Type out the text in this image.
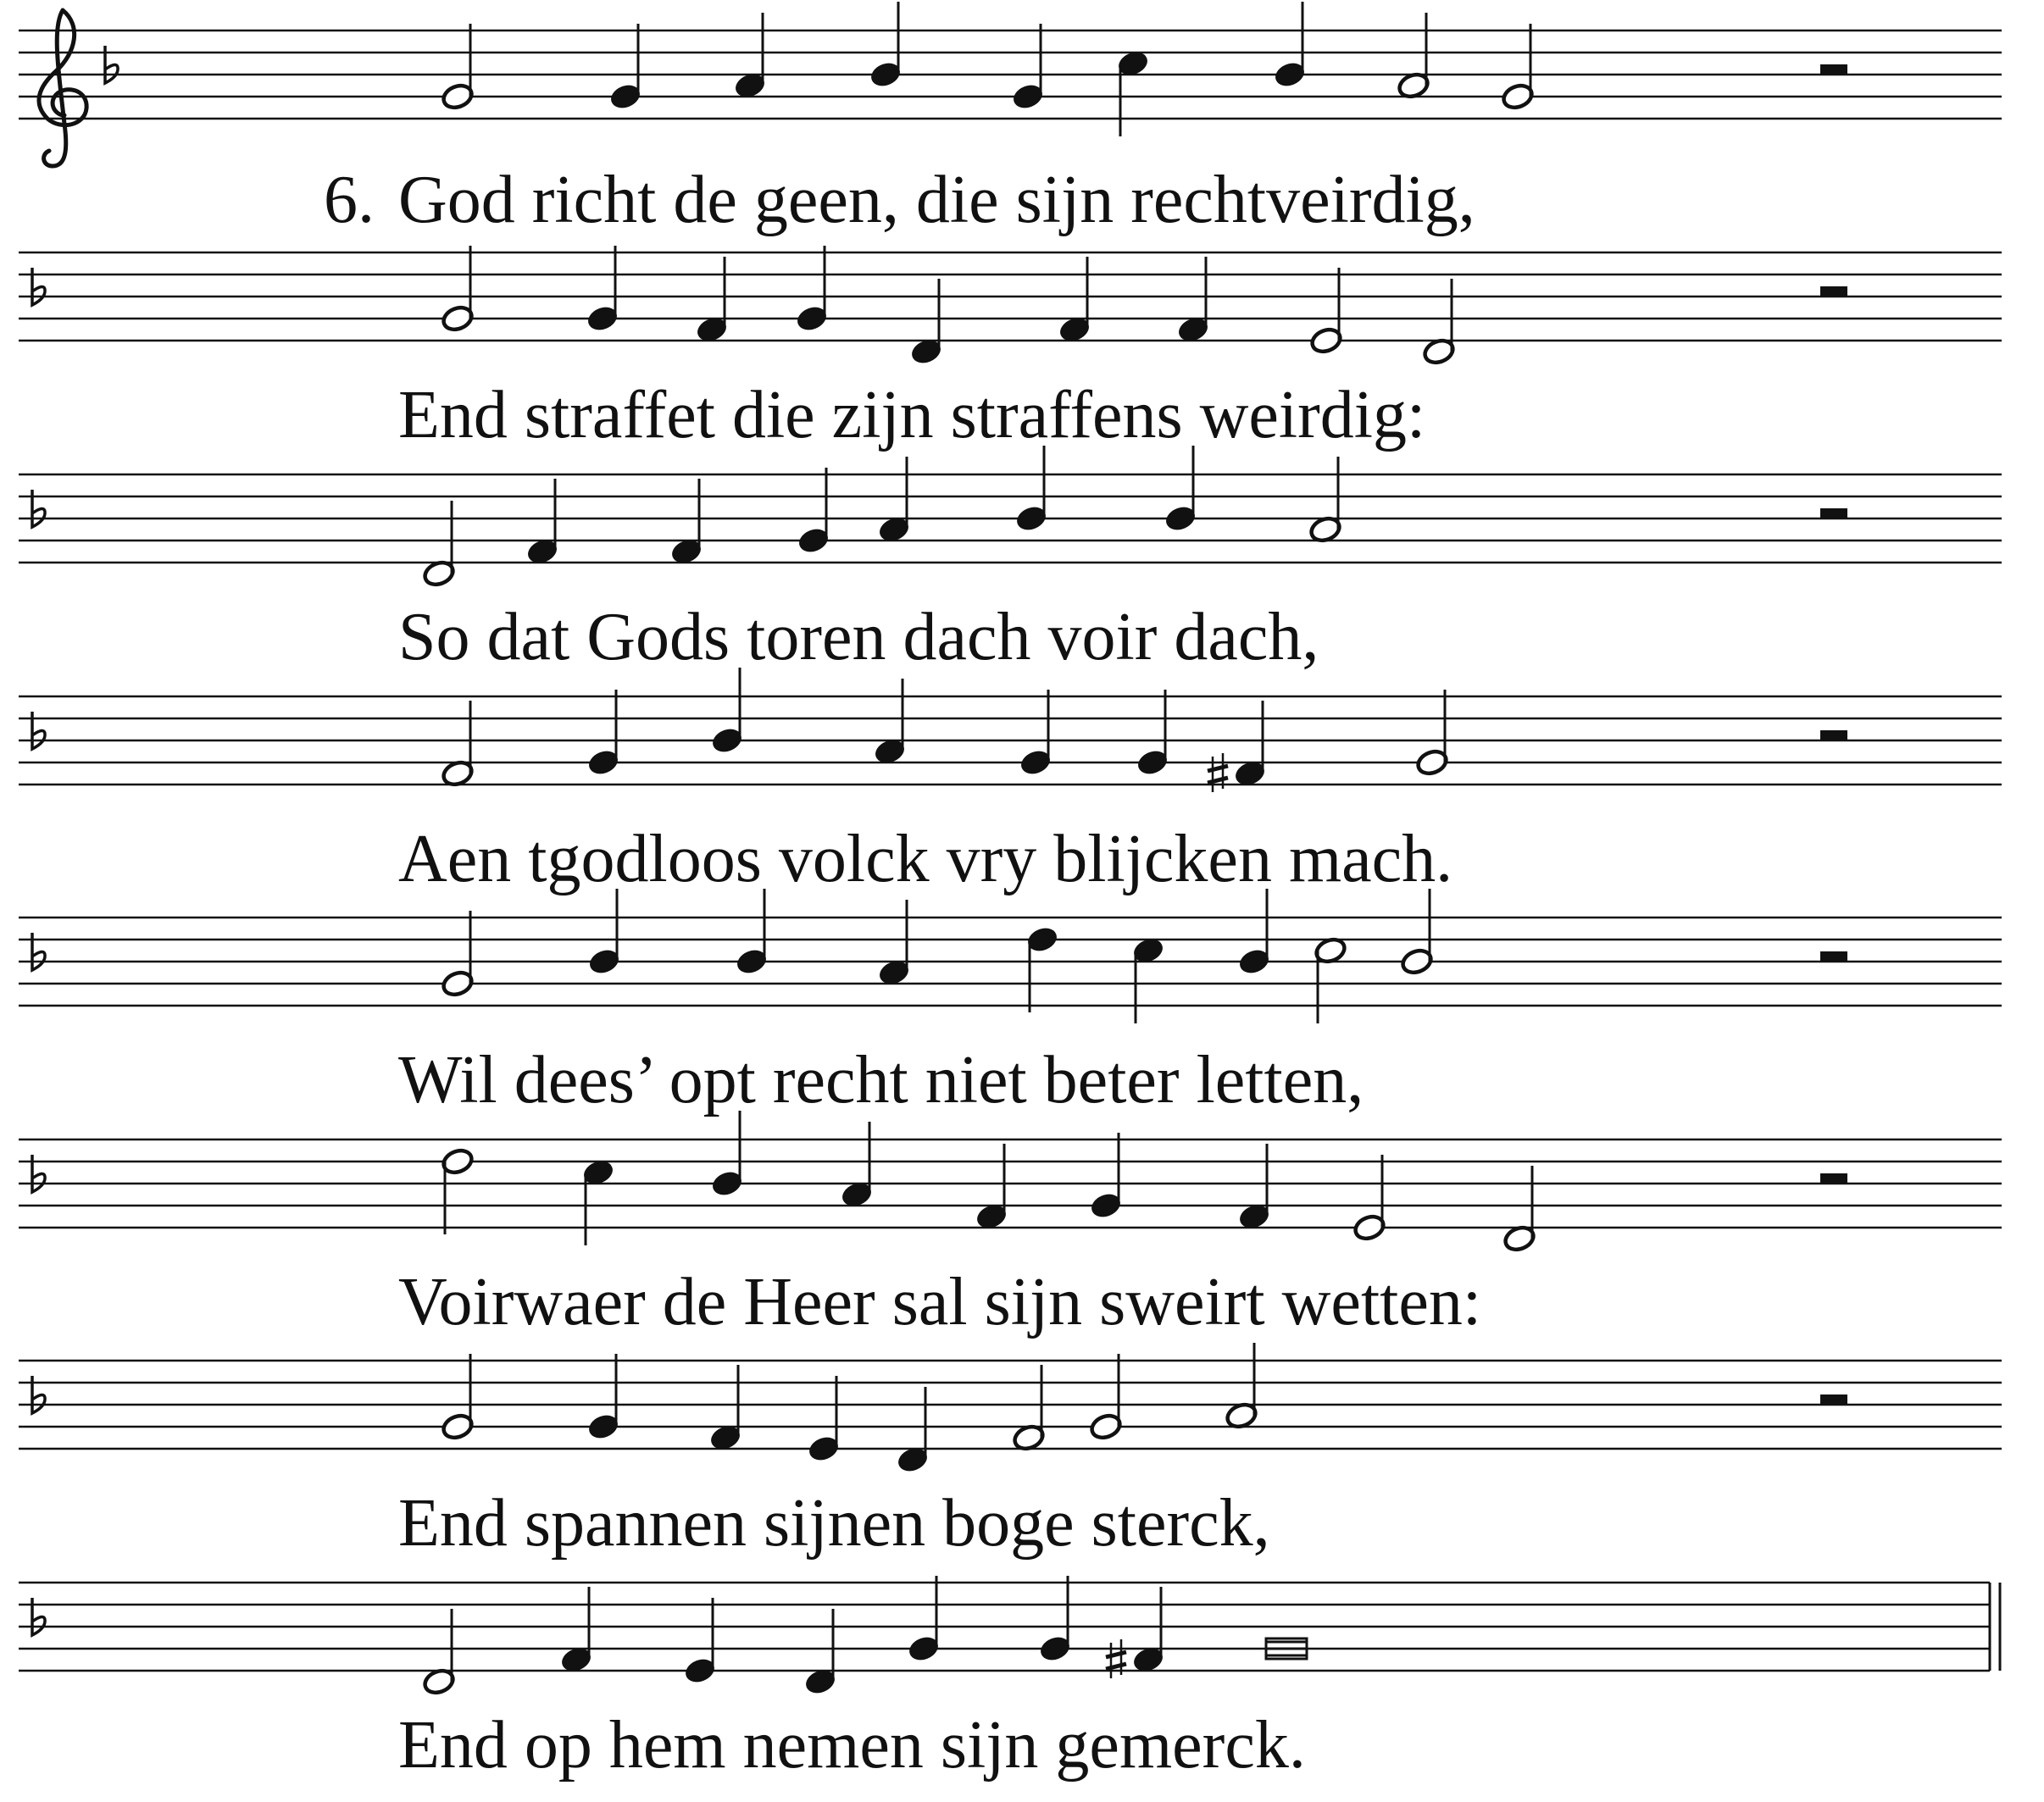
6. God richt de geen, die sijn rechtveirdig,
End straffet die zijn straffens weirdig:
So dat Gods toren dach voir dach,
Aen tgodloos volck vry blijcken mach.
Wil dees’ opt recht niet beter letten,
Voirwaer de Heer sal sijn sweirt wetten:
End spannen sijnen boge sterck,
End op hem nemen sijn gemerck.
